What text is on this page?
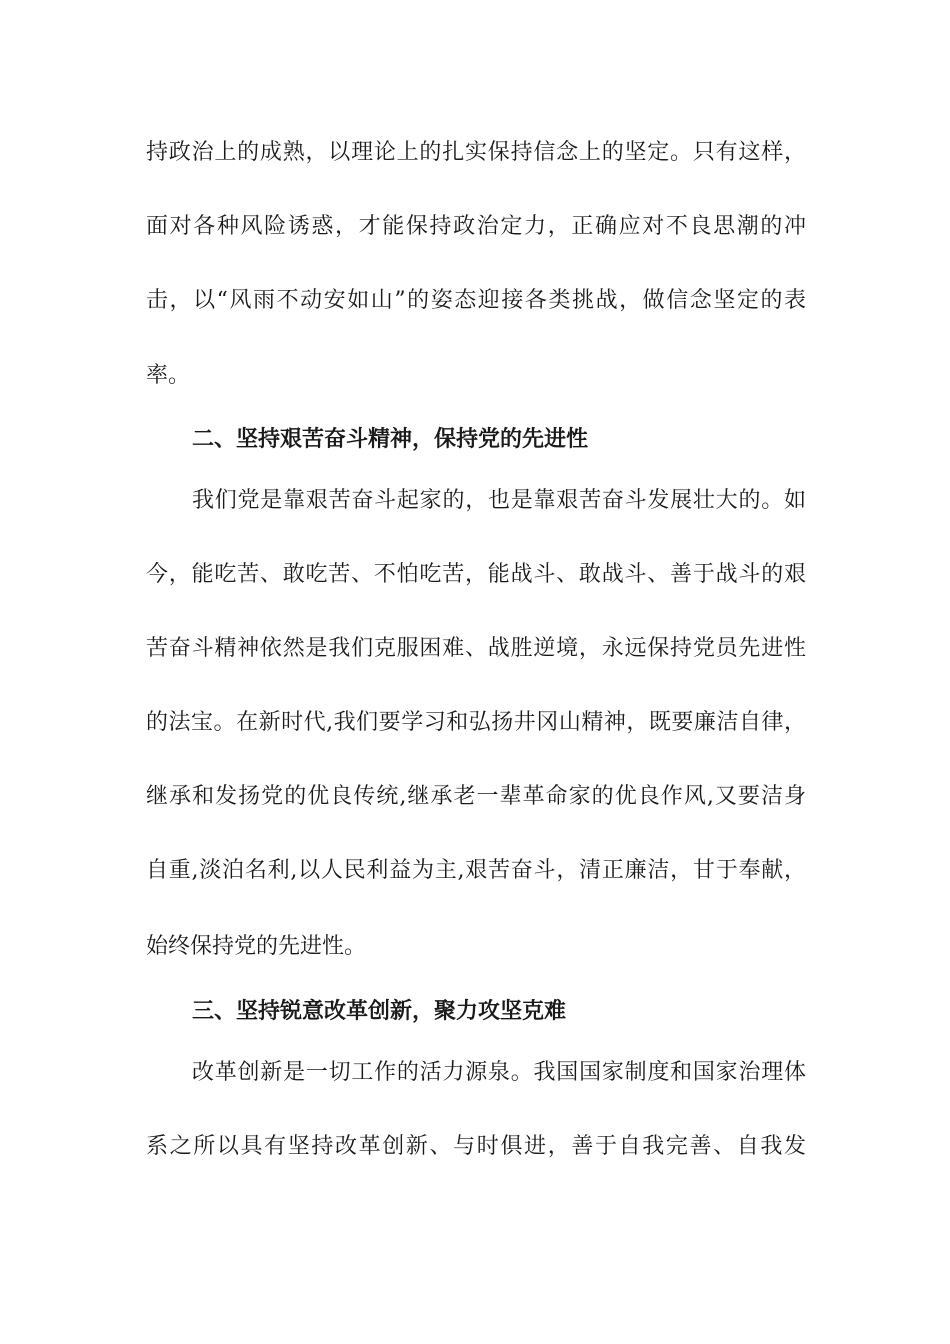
持政治上的成熟，以理论上的扎实保持信念上的坚定。只有这样，
面对各种风险诱惑，才能保持政治定力，正确应对不良思潮的冲
击，以“风雨不动安如山”的姿态迎接各类挑战，做信念坚定的表
率。
二、坚持艰苦奋斗精神，保持党的先进性
我们党是靠艰苦奋斗起家的，也是靠艰苦奋斗发展壮大的。如
今，能吃苦、敢吃苦、不怕吃苦，能战斗、敢战斗、善于战斗的艰
苦奋斗精神依然是我们克服困难、战胜逆境，永远保持党员先进性
的法宝。在新时代,我们要学习和弘扬井冈山精神，既要廉洁自律，
继承和发扬党的优良传统,继承老一辈革命家的优良作风,又要洁身
自重,淡泊名利,以人民利益为主,艰苦奋斗，清正廉洁，甘于奉献，
始终保持党的先进性。
三、坚持锐意改革创新，聚力攻坚克难
改革创新是一切工作的活力源泉。我国国家制度和国家治理体
系之所以具有坚持改革创新、与时俱进，善于自我完善、自我发
